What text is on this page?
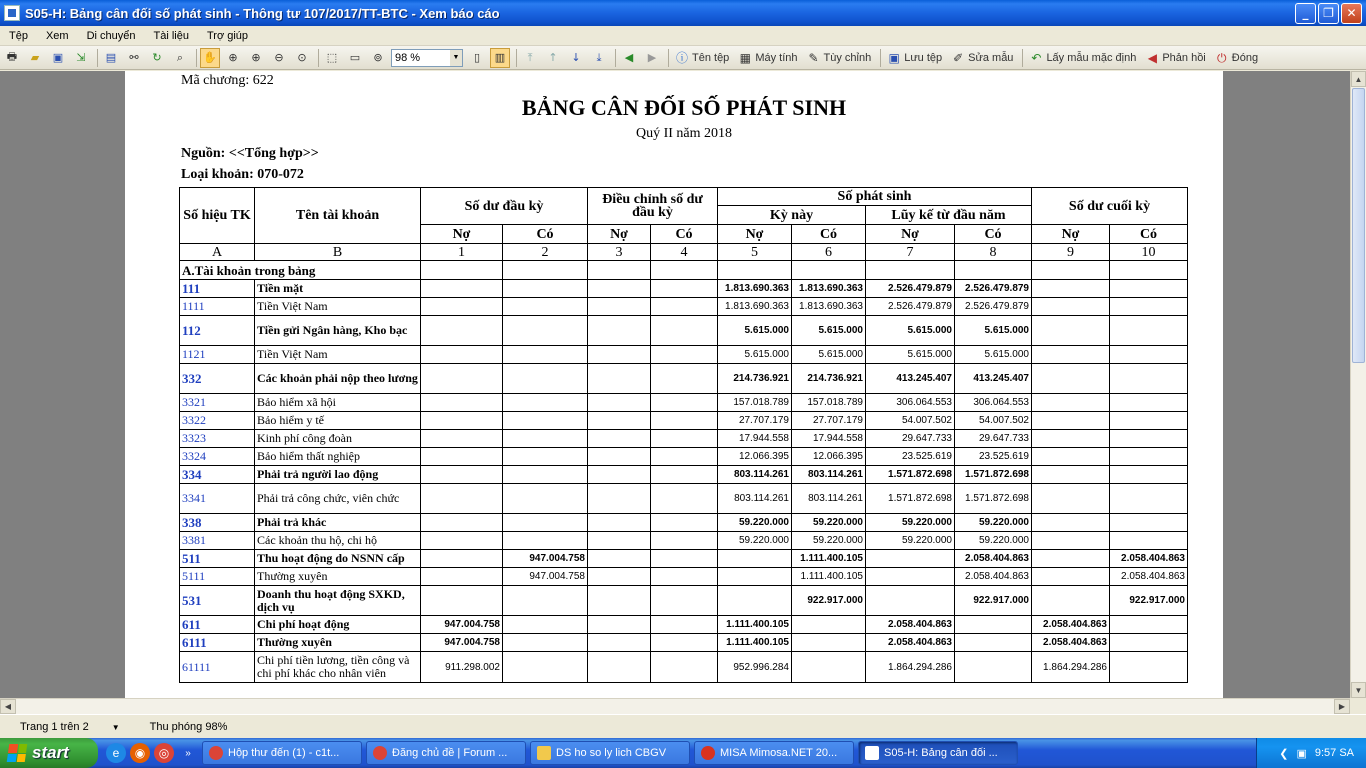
S05-H: Bảng cân đối số phát sinh - Thông tư 107/2017/TT-BTC - Xem báo cáo	_	❐	✕
Tệp	Xem	Di chuyển	Tài liệu	Trợ giúp
🖶	▰	▣	⇲	▤	⚯	↻	⌕	✋	⊕	⊕	⊖	⊙	⬚	▭	⊚	98 %	▼	▯	▥	⤒	↑	↓	⤓	◀	▶	ⓘ Tên tệp ▦ Máy tính ✎ Tùy chỉnh ▣ Lưu tệp ✐ Sửa mẫu ↶ Lấy mẫu mặc định ◀ Phản hồi ⏻ Đóng
Mã chương: 622
BẢNG CÂN ĐỐI SỐ PHÁT SINH
Quý II năm 2018
Nguồn: <<Tổng hợp>>
Loại khoản: 070-072
Số hiệu TK	Tên tài khoản	Số dư đầu kỳ		Điều chỉnh số dư đầu kỳ		Số phát sinh				Số dư cuối kỳ	
						Kỳ này		Lũy kế từ đầu năm			
		Nợ	Có	Nợ	Có	Nợ	Có	Nợ	Có	Nợ	Có
A	B	1	2	3	4	5	6	7	8	9	10
A.Tài khoản trong bảng											
111	Tiền mặt					1.813.690.363	1.813.690.363	2.526.479.879	2.526.479.879		
1111	Tiền Việt Nam					1.813.690.363	1.813.690.363	2.526.479.879	2.526.479.879		
112	Tiền gửi Ngân hàng, Kho bạc					5.615.000	5.615.000	5.615.000	5.615.000		
1121	Tiền Việt Nam					5.615.000	5.615.000	5.615.000	5.615.000		
332	Các khoản phải nộp theo lương					214.736.921	214.736.921	413.245.407	413.245.407		
3321	Bảo hiểm xã hội					157.018.789	157.018.789	306.064.553	306.064.553		
3322	Bảo hiểm y tế					27.707.179	27.707.179	54.007.502	54.007.502		
3323	Kinh phí công đoàn					17.944.558	17.944.558	29.647.733	29.647.733		
3324	Bảo hiểm thất nghiệp					12.066.395	12.066.395	23.525.619	23.525.619		
334	Phải trả người lao động					803.114.261	803.114.261	1.571.872.698	1.571.872.698		
3341	Phải trả công chức, viên chức					803.114.261	803.114.261	1.571.872.698	1.571.872.698		
338	Phải trả khác					59.220.000	59.220.000	59.220.000	59.220.000		
3381	Các khoản thu hộ, chi hộ					59.220.000	59.220.000	59.220.000	59.220.000		
511	Thu hoạt động do NSNN cấp		947.004.758				1.111.400.105		2.058.404.863		2.058.404.863
5111	Thường xuyên		947.004.758				1.111.400.105		2.058.404.863		2.058.404.863
531	Doanh thu hoạt động SXKD, dịch vụ						922.917.000		922.917.000		922.917.000
611	Chi phí hoạt động	947.004.758				1.111.400.105		2.058.404.863		2.058.404.863	
6111	Thường xuyên	947.004.758				1.111.400.105		2.058.404.863		2.058.404.863	
61111	Chi phí tiền lương, tiền công và chi phí khác cho nhân viên	911.298.002				952.996.284		1.864.294.286		1.864.294.286	
▲
▼
◀	▶
Trang 1 trên 2	▼	Thu phóng 98%
start	e	◉	◎	»	Hộp thư đến (1) - c1t...	Đăng chủ đề | Forum ...	DS ho so ly lich CBGV	MISA Mimosa.NET 20...	S05-H: Bảng cân đối ...	❮ ▣ 9:57 SA
